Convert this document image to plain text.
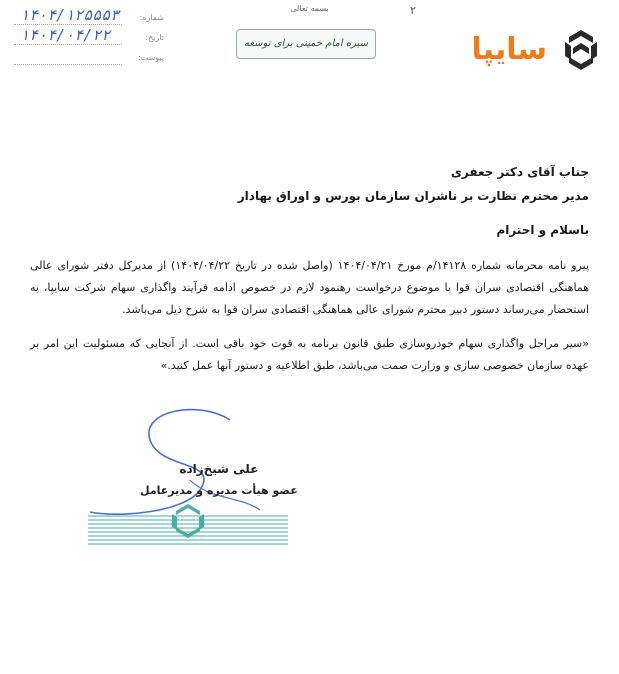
بسمه تعالی	٢
سایپا
سیره امام خمینی برای توسعه
شماره:
۱۴۰۴/۱۲۵۵۵۳
تاریخ:
۱۴۰۴/۰۴/۲۲
پیوست:
جناب آقای دکتر جعفری
مدیر محترم نظارت بر ناشران سازمان بورس و اوراق بهادار
باسلام و احترام

پیرو نامه محرمانه شماره ۱۴۱۲۸/م مورخ ۱۴۰۴/۰۴/۲۱ (واصل شده در تاریخ ۱۴۰۴/۰۴/۲۲) از مدیرکل دفتر شورای عالی هماهنگی اقتصادی سران قوا با موضوع درخواست رهنمود لازم در خصوص ادامه فرآیند واگذاری سهام شرکت سایپا، به استحضار می‌رساند دستور دبیر محترم شورای عالی هماهنگی اقتصادی سران قوا به شرح ذیل می‌باشد.

«سیر مراحل واگذاری سهام خودروسازی طبق قانون برنامه به قوت خود باقی است. از آنجایی که مسئولیت این امر بر عهده سازمان خصوصی سازی و وزارت صمت می‌باشد، طبق اطلاعیه و دستور آنها عمل کنید.»

علی شیخ‌زاده
عضو هیأت مدیره و مدیرعامل
